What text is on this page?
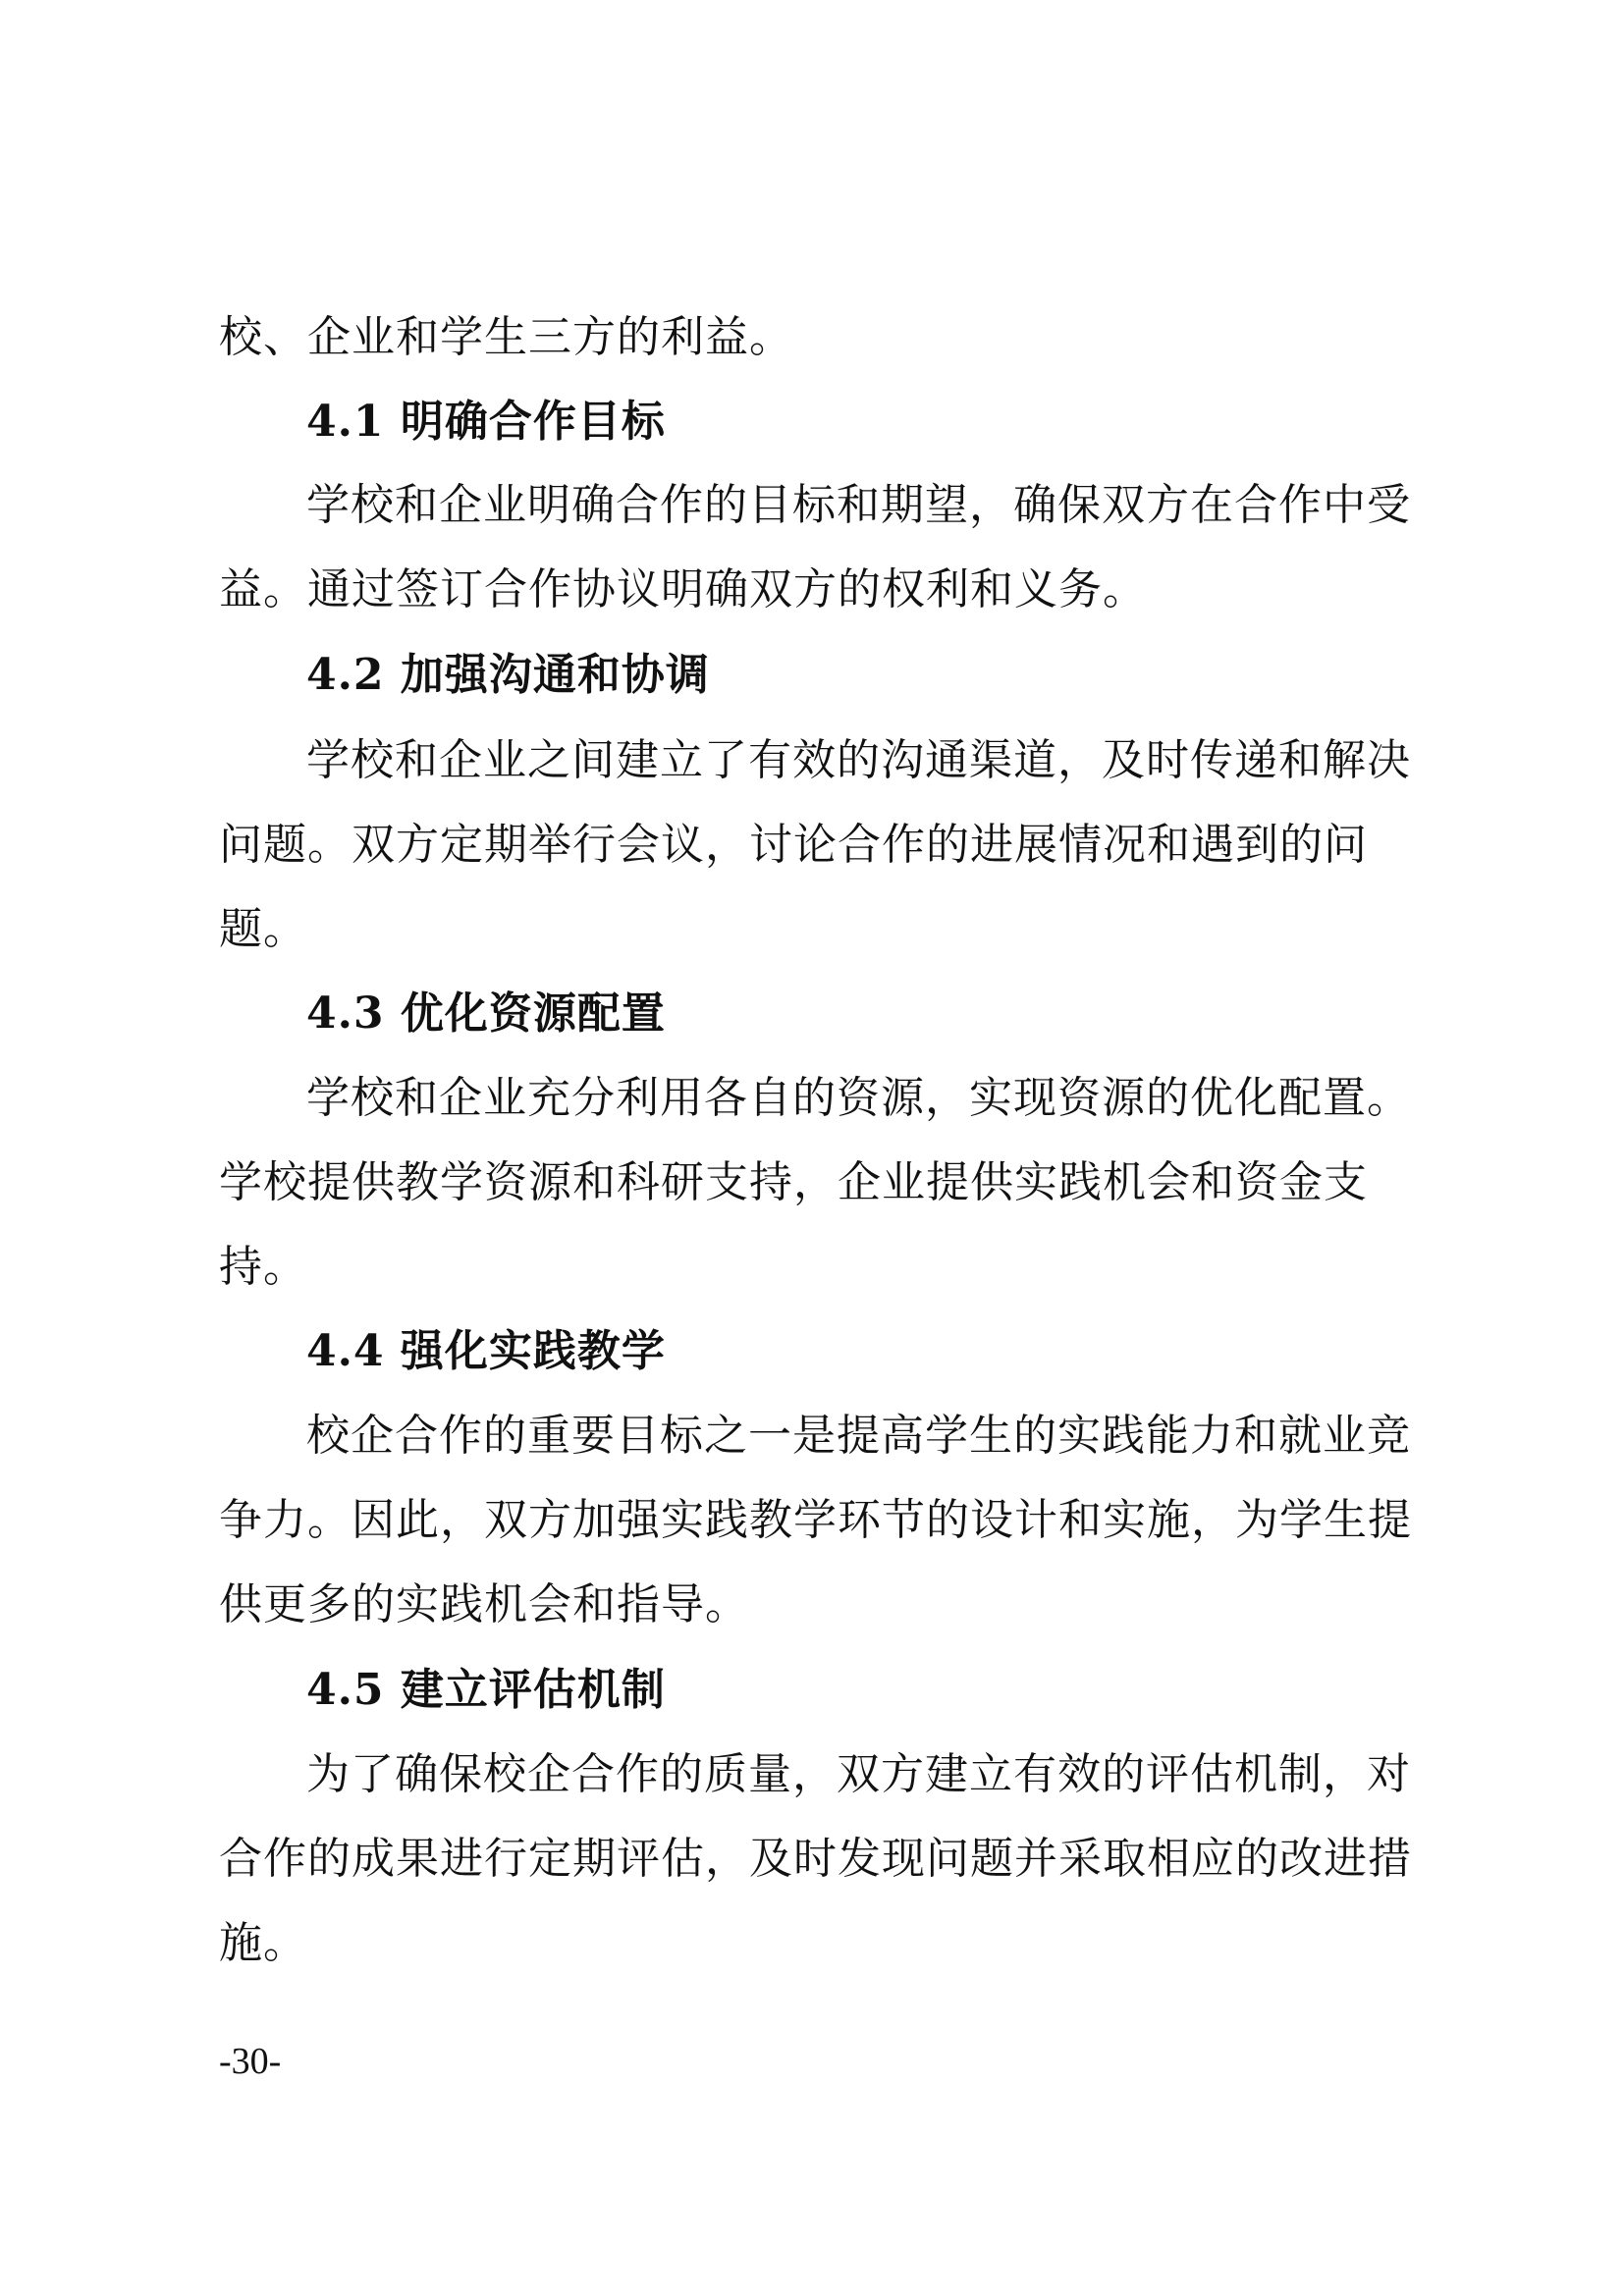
校、企业和学生三方的利益。
4.1 明确合作目标
学校和企业明确合作的目标和期望，确保双方在合作中受
益。通过签订合作协议明确双方的权利和义务。
4.2 加强沟通和协调
学校和企业之间建立了有效的沟通渠道，及时传递和解决
问题。双方定期举行会议，讨论合作的进展情况和遇到的问
题。
4.3 优化资源配置
学校和企业充分利用各自的资源，实现资源的优化配置。
学校提供教学资源和科研支持，企业提供实践机会和资金支
持。
4.4 强化实践教学
校企合作的重要目标之一是提高学生的实践能力和就业竞
争力。因此，双方加强实践教学环节的设计和实施，为学生提
供更多的实践机会和指导。
4.5 建立评估机制
为了确保校企合作的质量，双方建立有效的评估机制，对
合作的成果进行定期评估，及时发现问题并采取相应的改进措
施。
-30-
